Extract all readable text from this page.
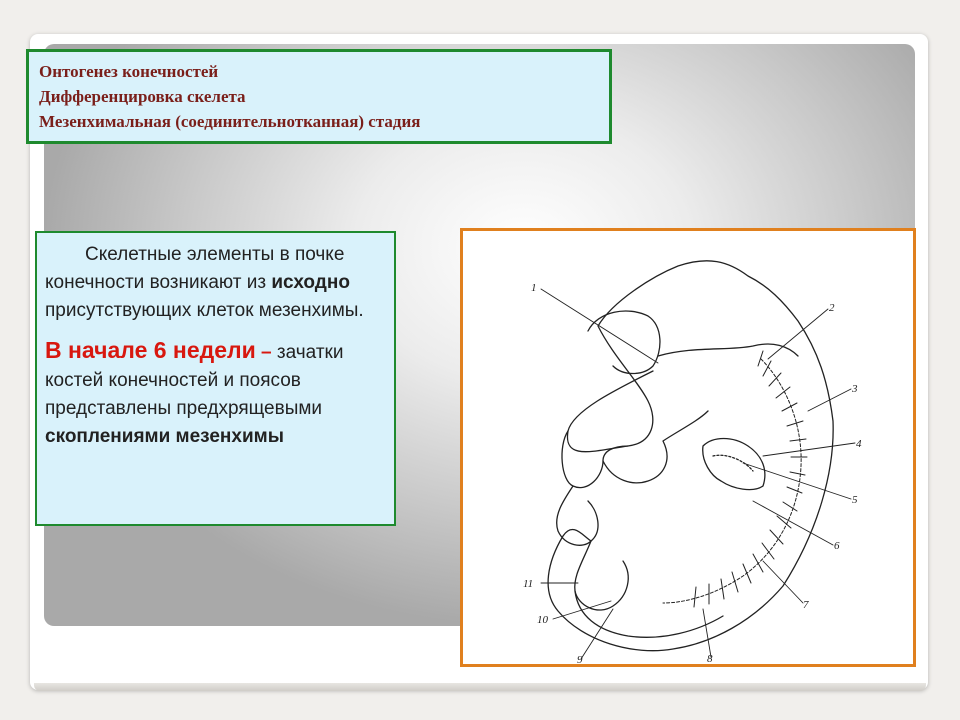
Онтогенез конечностей
Дифференцировка скелета
Мезенхимальная (соединительнотканная) стадия

Скелетные элементы в почке конечности возникают из исходно присутствующих клеток мезенхимы.

В начале 6 недели – зачатки костей конечностей и поясов представлены предхрящевыми скоплениями мезенхимы

1
2
3
4
5
6
7
8
9
10
11
